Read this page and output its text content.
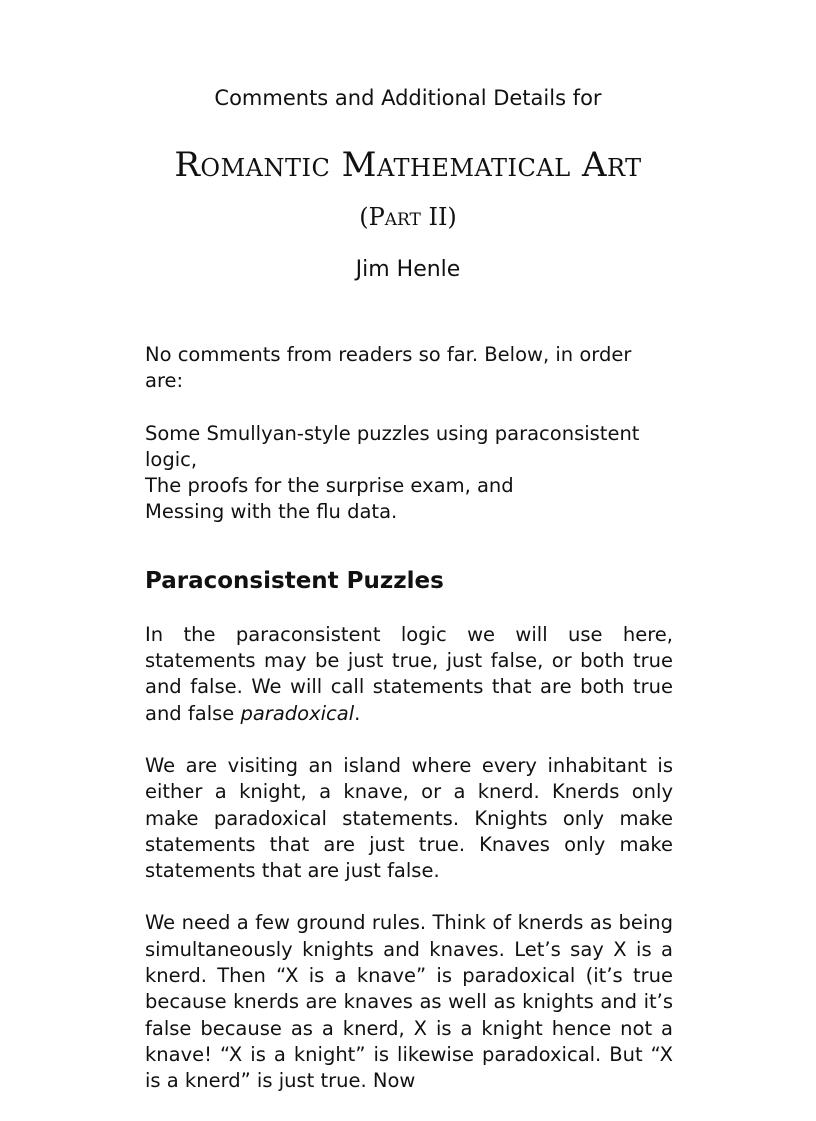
Comments and Additional Details for
Romantic Mathematical Art
(Part II)
Jim Henle

No comments from readers so far. Below, in order are:

Some Smullyan-style puzzles using paraconsistent logic,
The proofs for the surprise exam, and
Messing with the flu data.

Paraconsistent Puzzles

In the paraconsistent logic we will use here, statements may be just true, just false, or both true and false. We will call statements that are both true and false paradoxical.

We are visiting an island where every inhabitant is either a knight, a knave, or a knerd. Knerds only make paradoxical statements. Knights only make statements that are just true. Knaves only make statements that are just false.

We need a few ground rules. Think of knerds as being simultaneously knights and knaves. Let’s say X is a knerd. Then “X is a knave” is paradoxical (it’s true because knerds are knaves as well as knights and it’s false because as a knerd, X is a knight hence not a knave! “X is a knight” is likewise paradoxical. But “X is a knerd” is just true. Now
